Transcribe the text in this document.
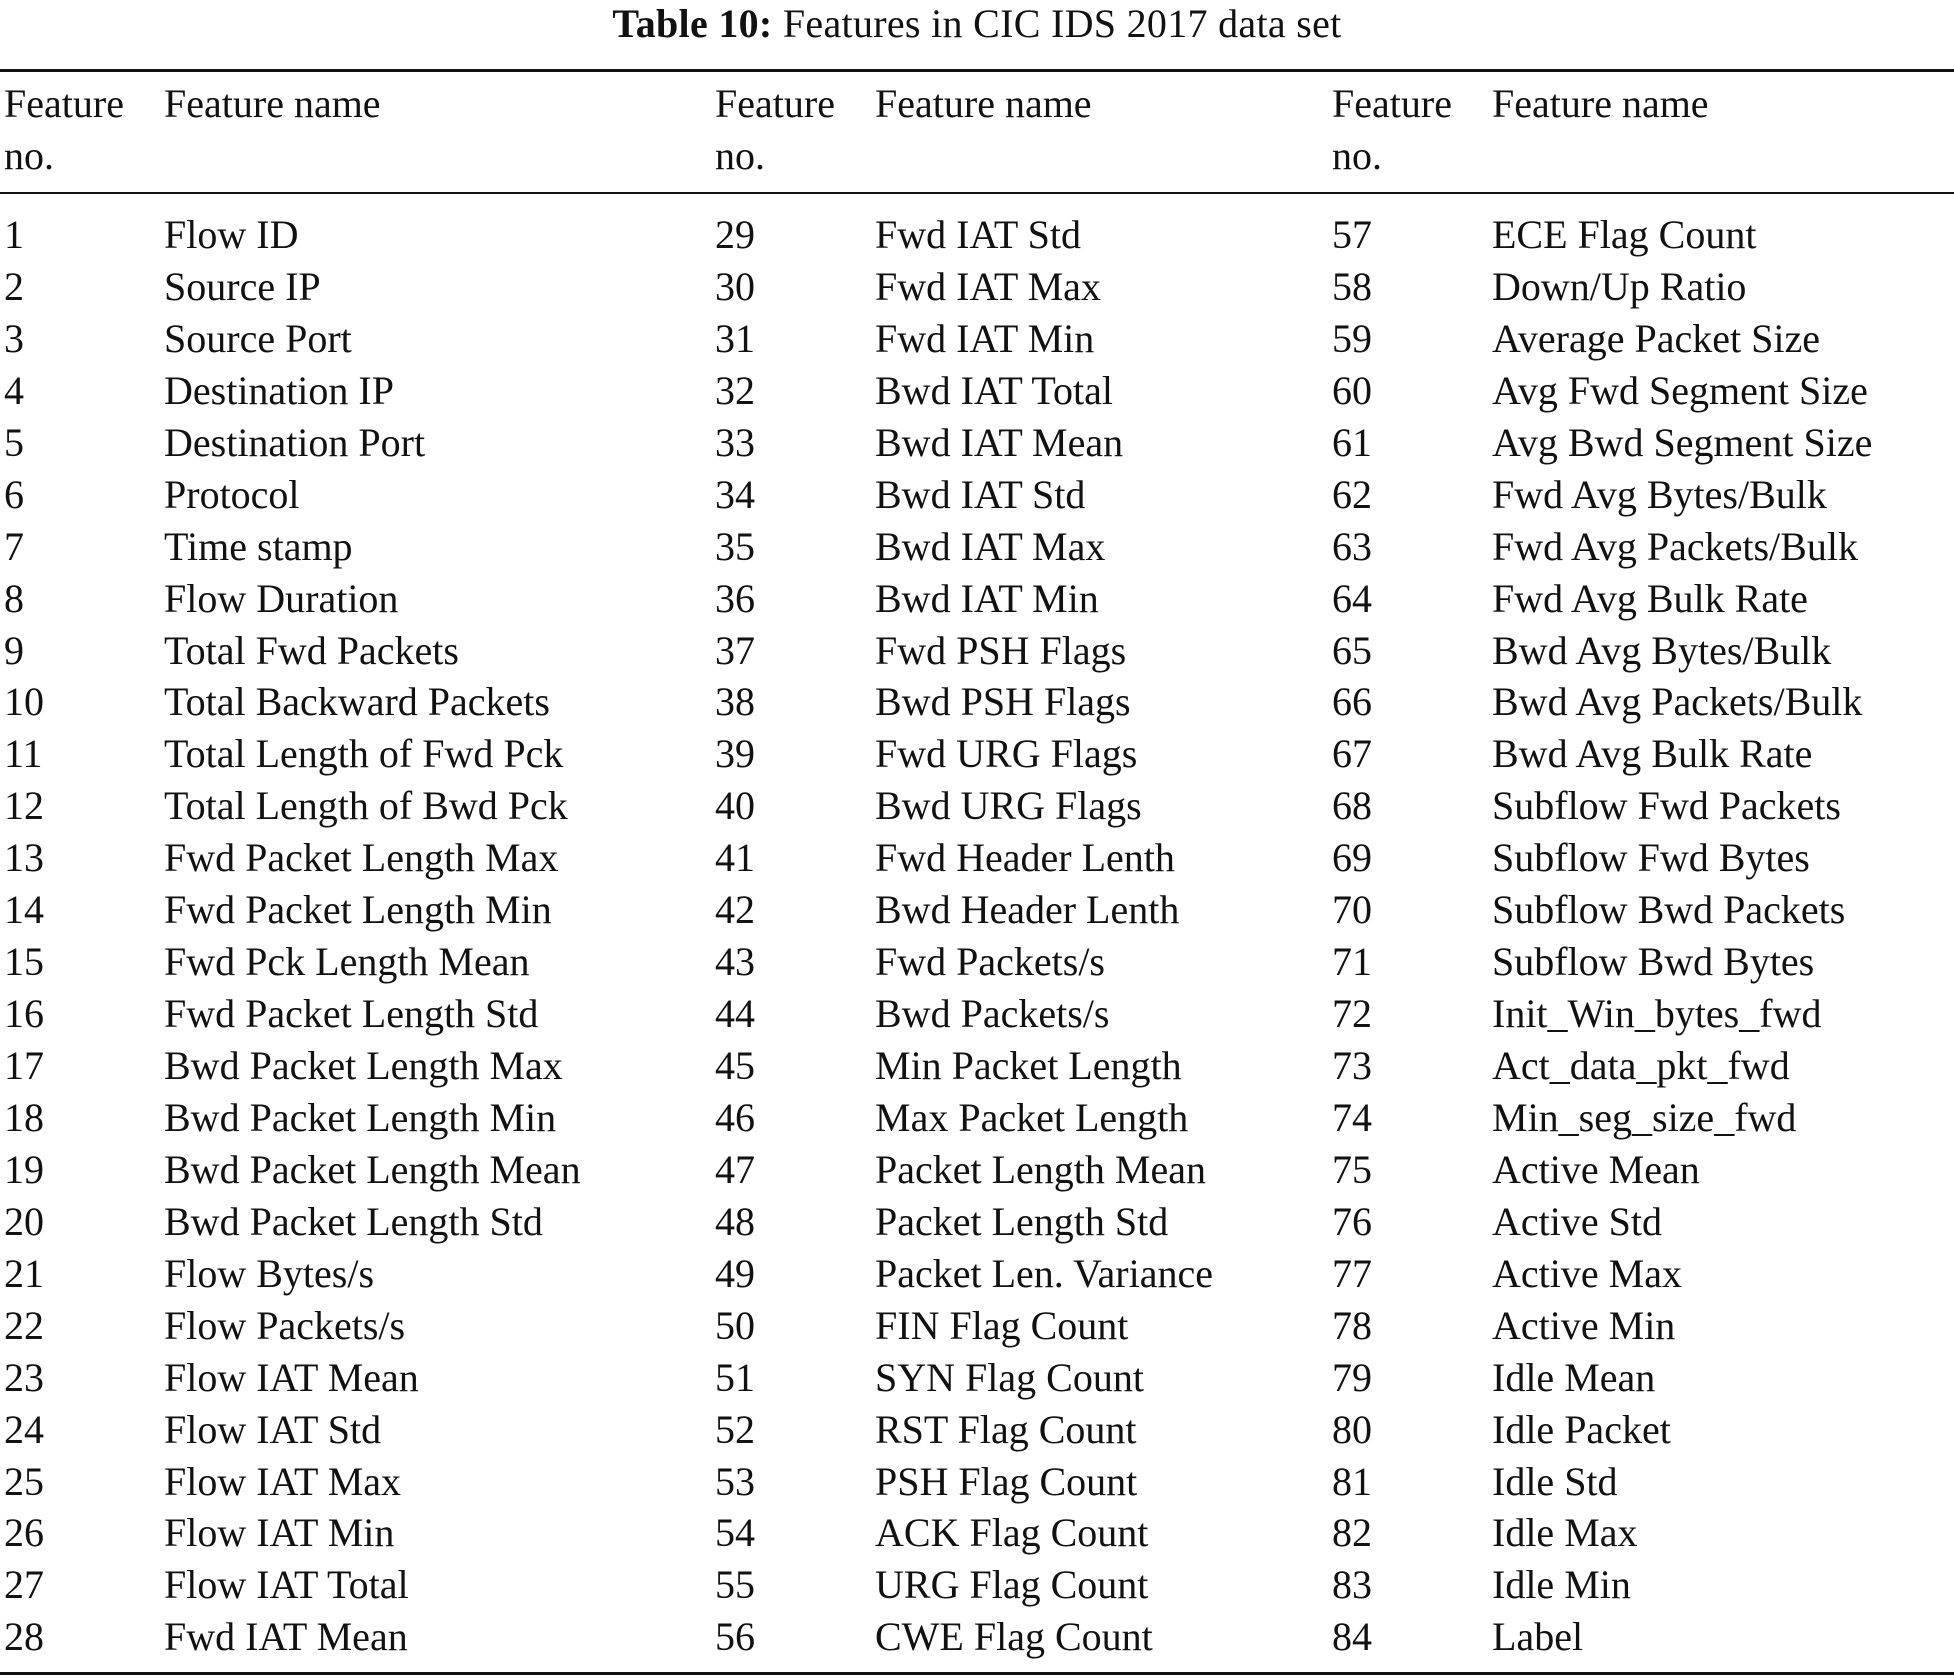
Table 10: Features in CIC IDS 2017 data set
Feature
no.
Feature name	Feature
no.
Feature name	Feature
no.
Feature name
1	Flow ID	29	Fwd IAT Std	57	ECE Flag Count
2	Source IP	30	Fwd IAT Max	58	Down/Up Ratio
3	Source Port	31	Fwd IAT Min	59	Average Packet Size
4	Destination IP	32	Bwd IAT Total	60	Avg Fwd Segment Size
5	Destination Port	33	Bwd IAT Mean	61	Avg Bwd Segment Size
6	Protocol	34	Bwd IAT Std	62	Fwd Avg Bytes/Bulk
7	Time stamp	35	Bwd IAT Max	63	Fwd Avg Packets/Bulk
8	Flow Duration	36	Bwd IAT Min	64	Fwd Avg Bulk Rate
9	Total Fwd Packets	37	Fwd PSH Flags	65	Bwd Avg Bytes/Bulk
10	Total Backward Packets	38	Bwd PSH Flags	66	Bwd Avg Packets/Bulk
11	Total Length of Fwd Pck	39	Fwd URG Flags	67	Bwd Avg Bulk Rate
12	Total Length of Bwd Pck	40	Bwd URG Flags	68	Subflow Fwd Packets
13	Fwd Packet Length Max	41	Fwd Header Lenth	69	Subflow Fwd Bytes
14	Fwd Packet Length Min	42	Bwd Header Lenth	70	Subflow Bwd Packets
15	Fwd Pck Length Mean	43	Fwd Packets/s	71	Subflow Bwd Bytes
16	Fwd Packet Length Std	44	Bwd Packets/s	72	Init_Win_bytes_fwd
17	Bwd Packet Length Max	45	Min Packet Length	73	Act_data_pkt_fwd
18	Bwd Packet Length Min	46	Max Packet Length	74	Min_seg_size_fwd
19	Bwd Packet Length Mean	47	Packet Length Mean	75	Active Mean
20	Bwd Packet Length Std	48	Packet Length Std	76	Active Std
21	Flow Bytes/s	49	Packet Len. Variance	77	Active Max
22	Flow Packets/s	50	FIN Flag Count	78	Active Min
23	Flow IAT Mean	51	SYN Flag Count	79	Idle Mean
24	Flow IAT Std	52	RST Flag Count	80	Idle Packet
25	Flow IAT Max	53	PSH Flag Count	81	Idle Std
26	Flow IAT Min	54	ACK Flag Count	82	Idle Max
27	Flow IAT Total	55	URG Flag Count	83	Idle Min
28	Fwd IAT Mean	56	CWE Flag Count	84	Label
